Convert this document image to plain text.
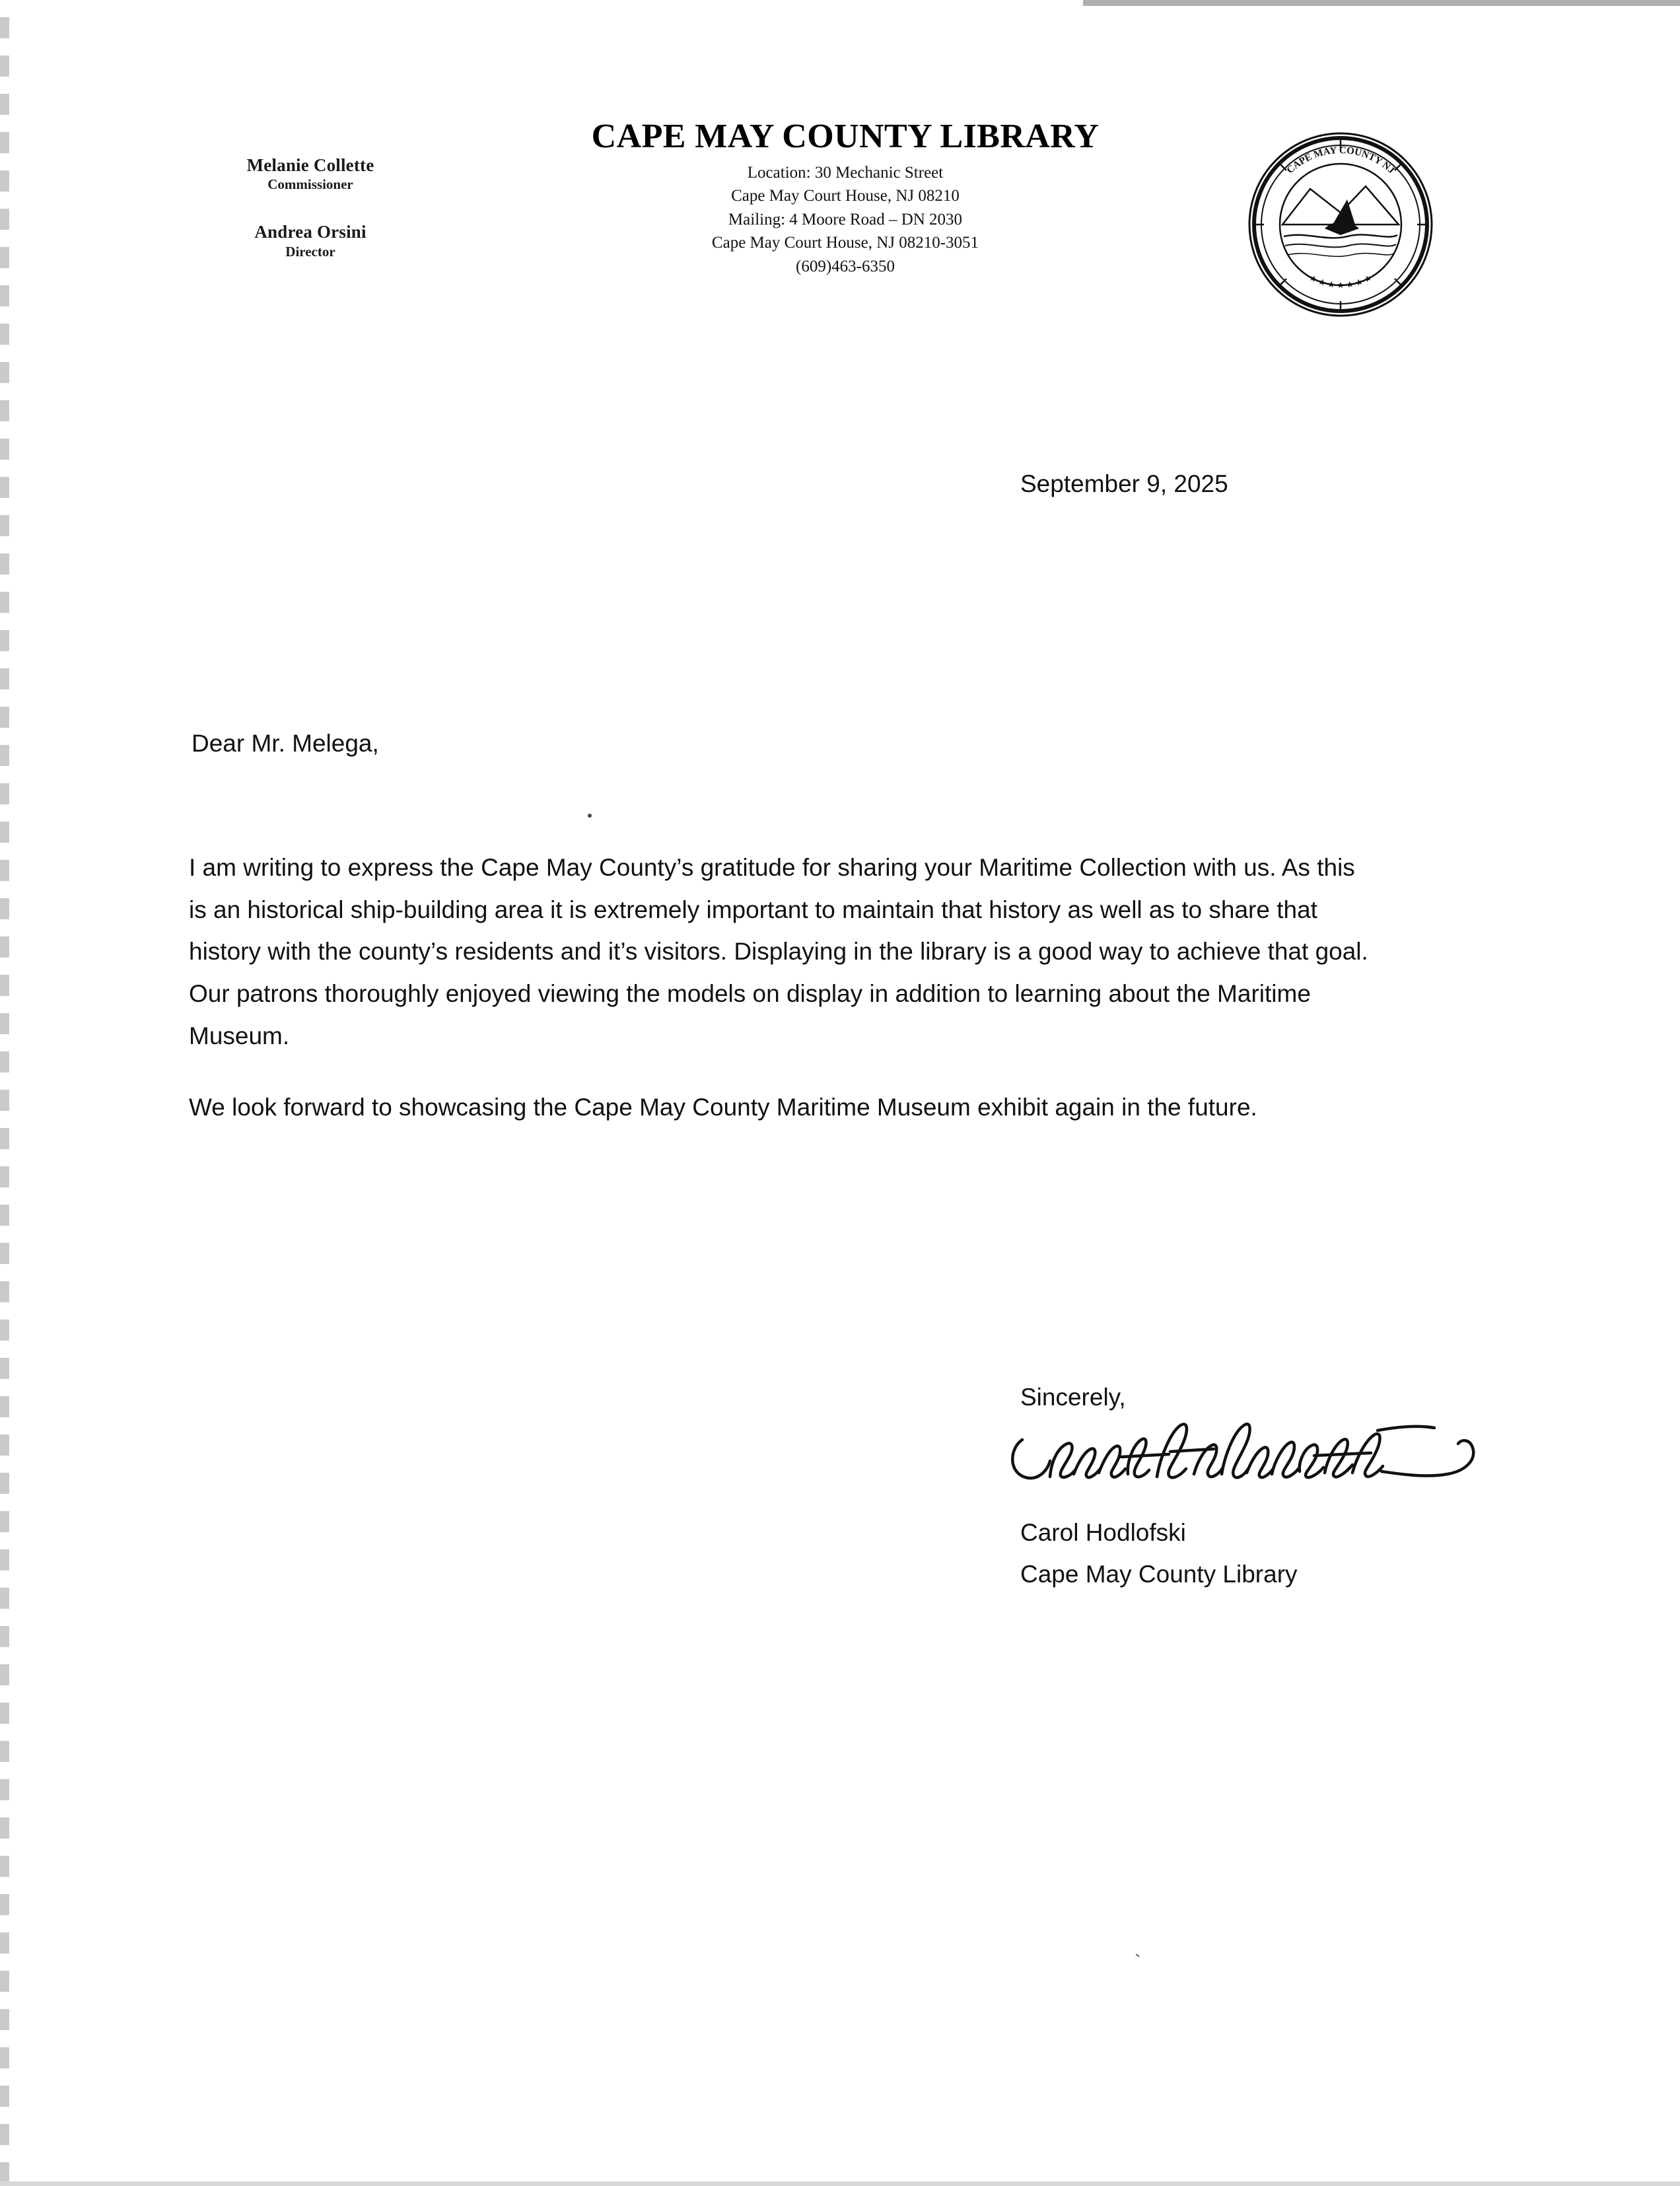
Melanie Collette
Commissioner
Andrea Orsini
Director
CAPE MAY COUNTY LIBRARY
Location: 30 Mechanic Street
Cape May Court House, NJ 08210
Mailing: 4 Moore Road – DN 2030
Cape May Court House, NJ 08210-3051
(609)463-6350
CAPE MAY COUNTY NJ
★ ★ ★ ★ ★ ★ ★
September 9, 2025
Dear Mr. Melega,
I am writing to express the Cape May County’s gratitude for sharing your Maritime Collection with us. As this is an historical ship-building area it is extremely important to maintain that history as well as to share that history with the county’s residents and it’s visitors. Displaying in the library is a good way to achieve that goal. Our patrons thoroughly enjoyed viewing the models on display in addition to learning about the Maritime Museum.
We look forward to showcasing the Cape May County Maritime Museum exhibit again in the future.
Sincerely,
Carol Hodlofski
Cape May County Library
`
